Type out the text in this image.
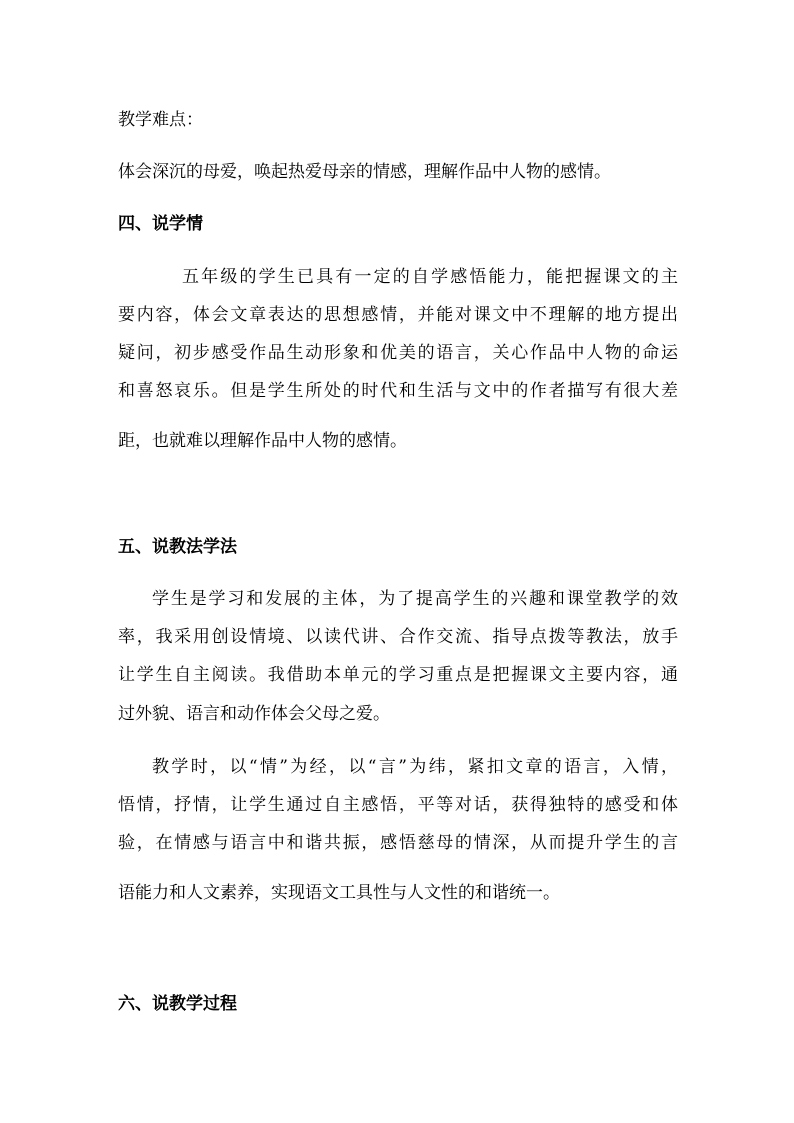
教学难点：
体会深沉的母爱，唤起热爱母亲的情感，理解作品中人物的感情。
四、说学情
五年级的学生已具有一定的自学感悟能力，能把握课文的主
要内容，体会文章表达的思想感情，并能对课文中不理解的地方提出
疑问，初步感受作品生动形象和优美的语言，关心作品中人物的命运
和喜怒哀乐。但是学生所处的时代和生活与文中的作者描写有很大差
距，也就难以理解作品中人物的感情。
五、说教法学法
学生是学习和发展的主体，为了提高学生的兴趣和课堂教学的效
率，我采用创设情境、以读代讲、合作交流、指导点拨等教法，放手
让学生自主阅读。我借助本单元的学习重点是把握课文主要内容，通
过外貌、语言和动作体会父母之爱。
教学时，以“情”为经，以“言”为纬，紧扣文章的语言，入情，
悟情，抒情，让学生通过自主感悟，平等对话，获得独特的感受和体
验，在情感与语言中和谐共振，感悟慈母的情深，从而提升学生的言
语能力和人文素养，实现语文工具性与人文性的和谐统一。
六、说教学过程
